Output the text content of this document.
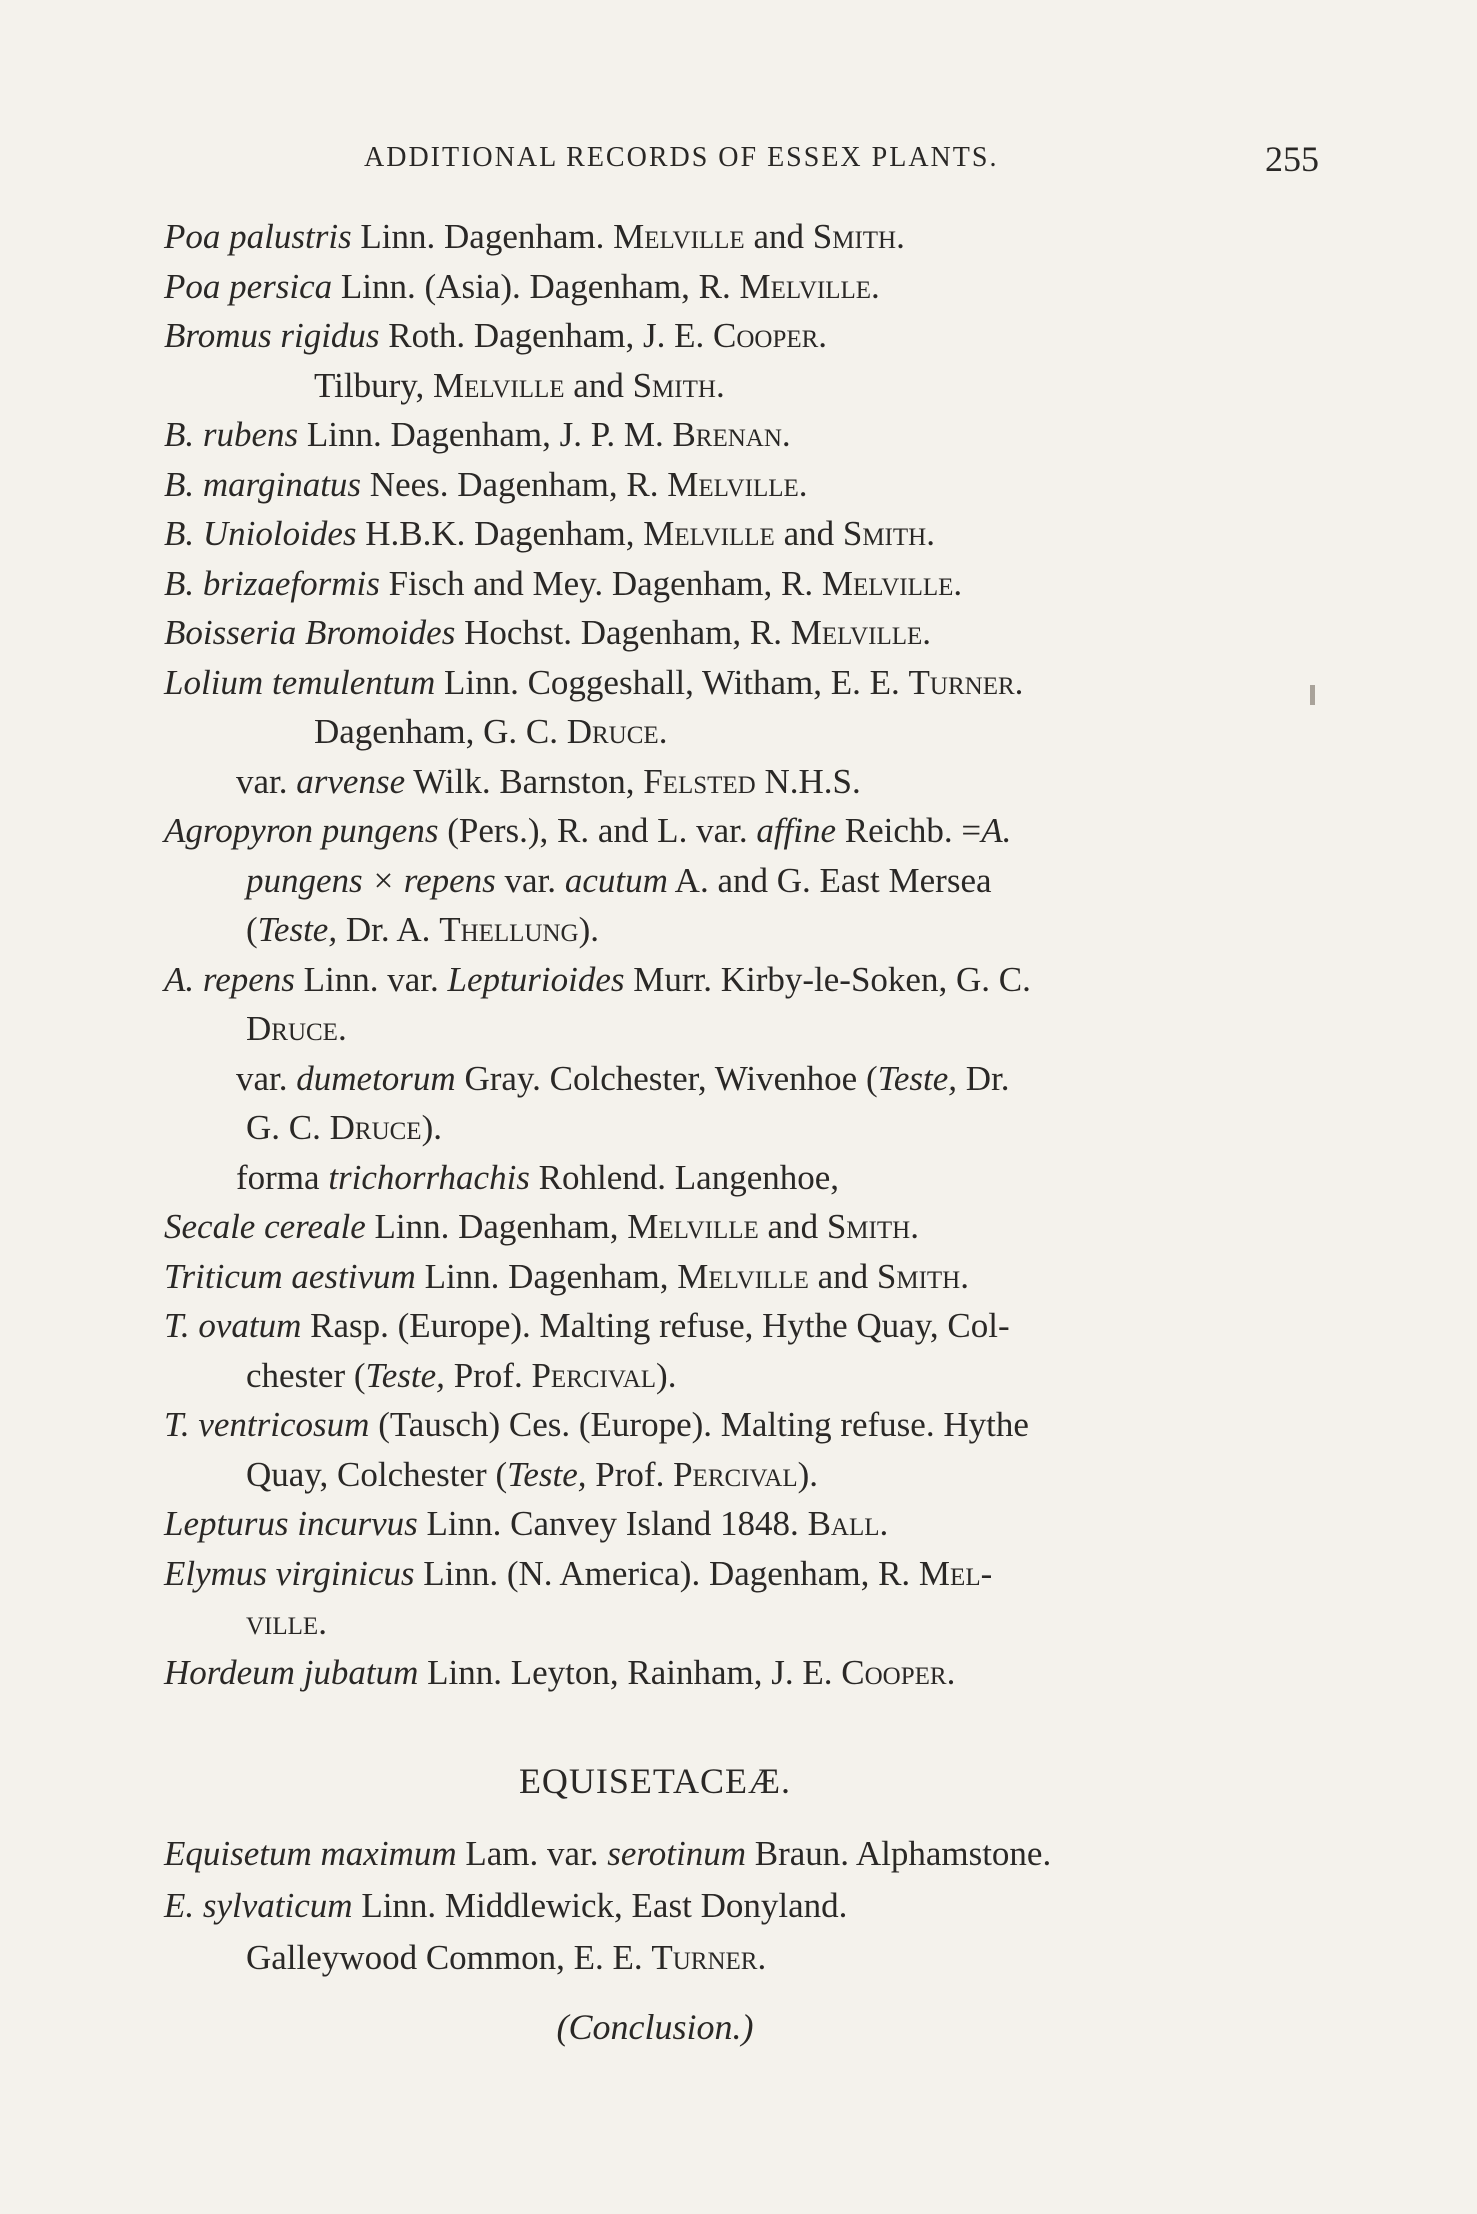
ADDITIONAL RECORDS OF ESSEX PLANTS.	255
Poa palustris Linn. Dagenham. Melville and Smith.
Poa persica Linn. (Asia). Dagenham, R. Melville.
Bromus rigidus Roth. Dagenham, J. E. Cooper.
Tilbury, Melville and Smith.
B. rubens Linn. Dagenham, J. P. M. Brenan.
B. marginatus Nees. Dagenham, R. Melville.
B. Unioloides H.B.K. Dagenham, Melville and Smith.
B. brizaeformis Fisch and Mey. Dagenham, R. Melville.
Boisseria Bromoides Hochst. Dagenham, R. Melville.
Lolium temulentum Linn. Coggeshall, Witham, E. E. Turner.
Dagenham, G. C. Druce.
var. arvense Wilk. Barnston, Felsted N.H.S.
Agropyron pungens (Pers.), R. and L. var. affine Reichb. =A.
pungens × repens var. acutum A. and G. East Mersea
(Teste, Dr. A. Thellung).
A. repens Linn. var. Lepturioides Murr. Kirby-le-Soken, G. C.
Druce.
var. dumetorum Gray. Colchester, Wivenhoe (Teste, Dr.
G. C. Druce).
forma trichorrhachis Rohlend. Langenhoe,
Secale cereale Linn. Dagenham, Melville and Smith.
Triticum aestivum Linn. Dagenham, Melville and Smith.
T. ovatum Rasp. (Europe). Malting refuse, Hythe Quay, Col-
chester (Teste, Prof. Percival).
T. ventricosum (Tausch) Ces. (Europe). Malting refuse. Hythe
Quay, Colchester (Teste, Prof. Percival).
Lepturus incurvus Linn. Canvey Island 1848. Ball.
Elymus virginicus Linn. (N. America). Dagenham, R. Mel-
ville.
Hordeum jubatum Linn. Leyton, Rainham, J. E. Cooper.
EQUISETACEÆ.
Equisetum maximum Lam. var. serotinum Braun. Alphamstone.
E. sylvaticum Linn. Middlewick, East Donyland.
Galleywood Common, E. E. Turner.
(Conclusion.)
